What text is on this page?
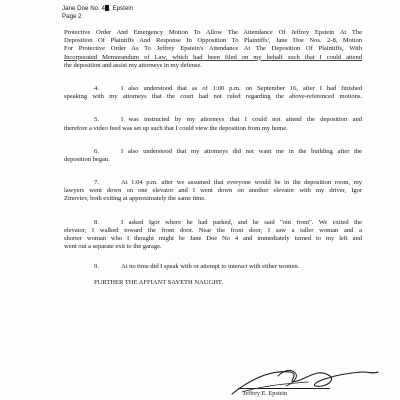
Jane Doe No. 4 , Epstein
Page 2
Protective Order And Emergency Motion To Allow The Attendance Of Jeffrey Epstein At The
Deposition Of Plaintiffs And Response In Opposition To Plaintiffs', Jane Doe Nos. 2-8, Motion
For Protective Order As To Jeffrey Epstein's Attendance At The Deposition Of Plaintiffs, With
Incorporated Memorandum of Law, which had been filed on my behalf such that I could attend
the deposition and assist my attorneys in my defense.
4.	I also understood that as of 1:00 p.m. on September 16, after I had finished
speaking with my attorneys that the court had not ruled regarding the above-referenced motions.
5.	I was instructed by my attorneys that I could not attend the deposition and
therefore a video feed was set up such that I could view the deposition from my home.
6.	I also understood that my attorneys did not want me in the building after the
deposition began.
7.	At 1:04 p.m. after we assumed that everyone would be in the deposition room, my
lawyers went down on one elevator and I went down on another elevator with my driver, Igor
Zinoviev, both exiting at approximately the same time.
8.	I asked Igor where he had parked, and he said "out front". We exited the
elevator, I walked toward the front door. Near the front door, I saw a taller woman and a
shorter woman who I thought might be Jane Doe No 4 and immediately turned to my left and
went out a separate exit to the garage.
9.	At no time did I speak with or attempt to interact with either women.
FURTHER THE AFFIANT SAYETH NAUGHT.
Jeffrey E. Epstein
